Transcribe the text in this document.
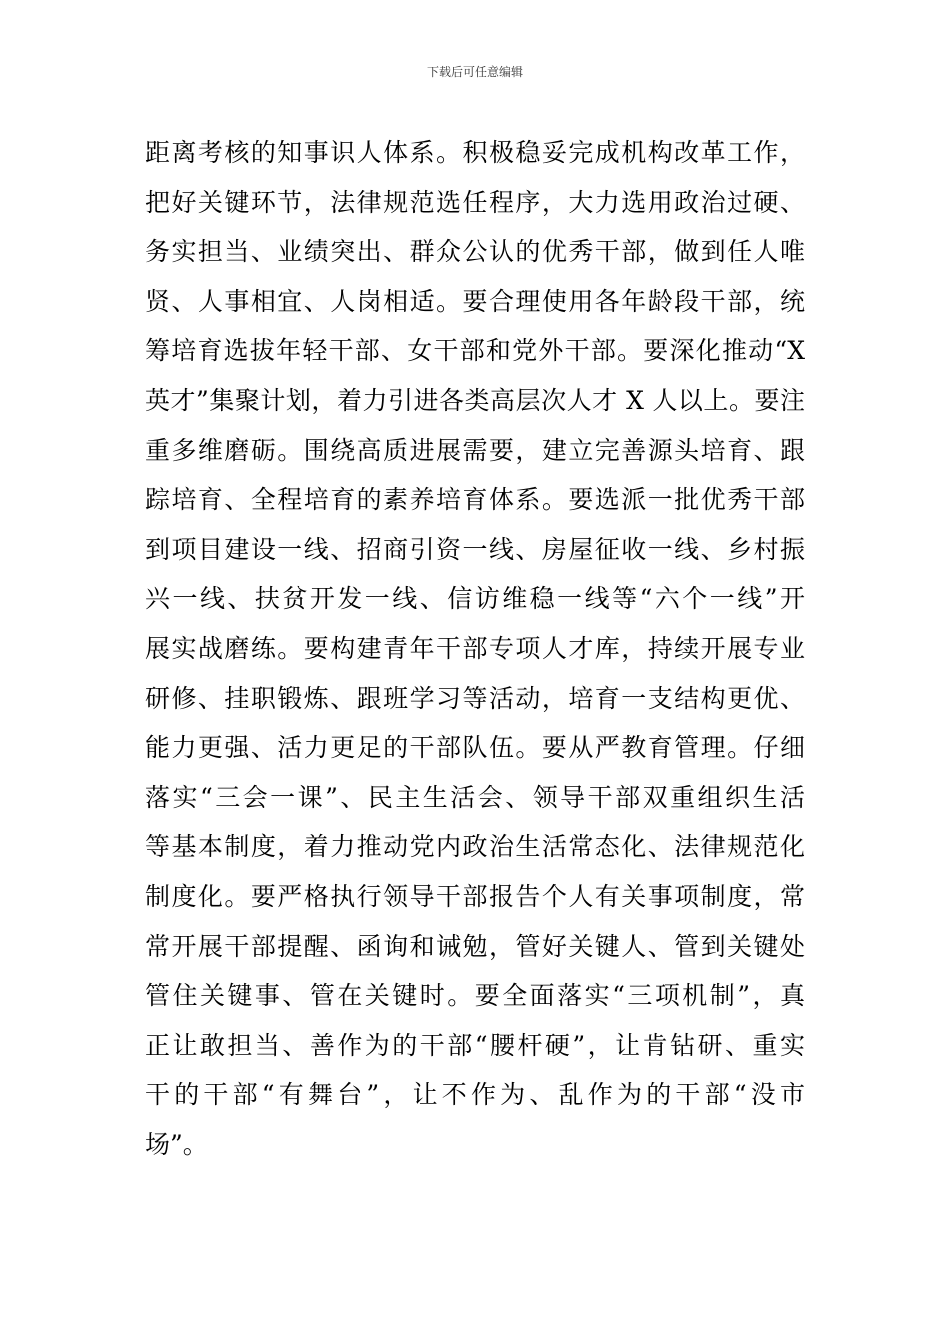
下载后可任意编辑
距离考核的知事识人体系。积极稳妥完成机构改革工作，
把好关键环节，法律规范选任程序，大力选用政治过硬、
务实担当、业绩突出、群众公认的优秀干部，做到任人唯
贤、人事相宜、人岗相适。要合理使用各年龄段干部，统
筹培育选拔年轻干部、女干部和党外干部。要深化推动“X
英才”集聚计划，着力引进各类高层次人才 X 人以上。要注
重多维磨砺。围绕高质进展需要，建立完善源头培育、跟
踪培育、全程培育的素养培育体系。要选派一批优秀干部
到项目建设一线、招商引资一线、房屋征收一线、乡村振
兴一线、扶贫开发一线、信访维稳一线等“六个一线”开
展实战磨练。要构建青年干部专项人才库，持续开展专业
研修、挂职锻炼、跟班学习等活动，培育一支结构更优、
能力更强、活力更足的干部队伍。要从严教育管理。仔细
落实“三会一课”、民主生活会、领导干部双重组织生活
等基本制度，着力推动党内政治生活常态化、法律规范化
制度化。要严格执行领导干部报告个人有关事项制度，常
常开展干部提醒、函询和诫勉，管好关键人、管到关键处
管住关键事、管在关键时。要全面落实“三项机制”，真
正让敢担当、善作为的干部“腰杆硬”，让肯钻研、重实
干的干部“有舞台”，让不作为、乱作为的干部“没市
场”。
